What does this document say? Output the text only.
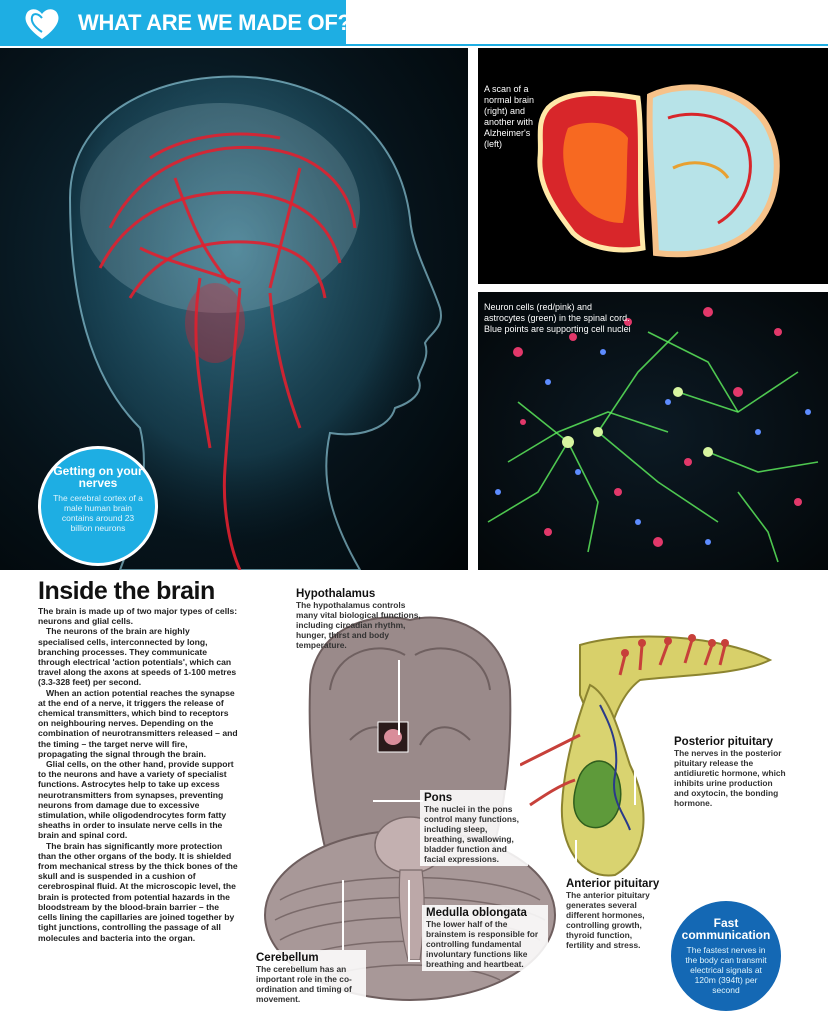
WHAT ARE WE MADE OF?
A scan of a normal brain (right) and another with Alzheimer's (left)
Neuron cells (red/pink) and astrocytes (green) in the spinal cord. Blue points are supporting cell nuclei
Getting on your nerves
The cerebral cortex of a male human brain contains around 23 billion neurons
Inside the brain

The brain is made up of two major types of cells: neurons and glial cells.

The neurons of the brain are highly specialised cells, interconnected by long, branching processes. They communicate through electrical 'action potentials', which can travel along the axons at speeds of 1-100 metres (3.3-328 feet) per second.

When an action potential reaches the synapse at the end of a nerve, it triggers the release of chemical transmitters, which bind to receptors on neighbouring nerves. Depending on the combination of neurotransmitters released – and the timing – the target nerve will fire, propagating the signal through the brain.

Glial cells, on the other hand, provide support to the neurons and have a variety of specialist functions. Astrocytes help to take up excess neurotransmitters from synapses, preventing neurons from damage due to excessive stimulation, while oligodendrocytes form fatty sheaths in order to insulate nerve cells in the brain and spinal cord.

The brain has significantly more protection than the other organs of the body. It is shielded from mechanical stress by the thick bones of the skull and is suspended in a cushion of cerebrospinal fluid. At the microscopic level, the brain is protected from potential hazards in the bloodstream by the blood-brain barrier – the cells lining the capillaries are joined together by tight junctions, controlling the passage of all molecules and bacteria into the organ.

Hypothalamus
The hypothalamus controls many vital biological functions, including circadian rhythm, hunger, thirst and body temperature.
Pons
The nuclei in the pons control many functions, including sleep, breathing, swallowing, bladder function and facial expressions.
Medulla oblongata
The lower half of the brainstem is responsible for controlling fundamental involuntary functions like breathing and heartbeat.
Cerebellum
The cerebellum has an important role in the co-ordination and timing of movement.
Posterior pituitary
The nerves in the posterior pituitary release the antidiuretic hormone, which inhibits urine production and oxytocin, the bonding hormone.
Anterior pituitary
The anterior pituitary generates several different hormones, controlling growth, thyroid function, fertility and stress.
Fast communication
The fastest nerves in the body can transmit electrical signals at 120m (394ft) per second
